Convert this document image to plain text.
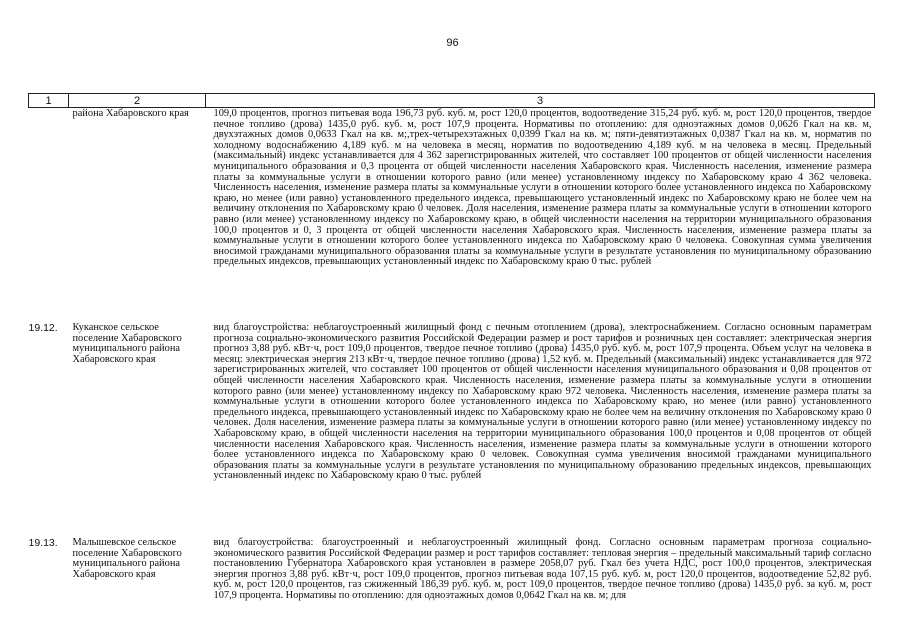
96
1	2	3
	района Хабаровского края	109,0 процентов, прогноз питьевая вода 196,73 руб. куб. м, рост 120,0 процентов, водоотведение 315,24 руб. куб. м, рост 120,0 процентов, твердое печное топливо (дрова) 1435,0 руб. куб. м, рост 107,9 процента. Нормативы по отоплению: для одноэтажных домов 0,0626 Гкал на кв. м, двухэтажных домов 0,0633 Гкал на кв. м;,трех-четырехэтажных 0,0399 Гкал на кв. м; пяти-девятиэтажных 0,0387 Гкал на кв. м, норматив по холодному водоснабжению 4,189 куб. м на человека в месяц, норматив по водоотведению 4,189 куб. м на человека в месяц. Предельный (максимальный) индекс устанавливается для 4 362 зарегистрированных жителей, что составляет 100 процентов от общей численности населения муниципального образования и 0,3 процента от общей численности населения Хабаровского края. Численность населения, изменение размера платы за коммунальные услуги в отношении которого равно (или менее) установленному индексу по Хабаровскому краю 4 362 человека. Численность населения, изменение размера платы за коммунальные услуги в отношении которого более установленного индекса по Хабаровскому краю, но менее (или равно) установленного предельного индекса, превышающего установленный индекс по Хабаровскому краю не более чем на величину отклонения по Хабаровскому краю 0 человек. Доля населения, изменение размера платы за коммунальные услуги в отношении которого равно (или менее) установленному индексу по Хабаровскому краю, в общей численности населения на территории муниципального образования 100,0 процентов и 0, 3 процента от общей численности населения Хабаровского края. Численность населения, изменение размера платы за коммунальные услуги в отношении которого более установленного индекса по Хабаровскому краю 0 человека. Совокупная сумма увеличения вносимой гражданами муниципального образования платы за коммунальные услуги в результате установления по муниципальному образованию предельных индексов, превышающих установленный индекс по Хабаровскому краю 0 тыс. рублей
19.12.	Куканское сельское поселение Хабаровского муниципального района Хабаровского края	вид благоустройства: неблагоустроенный жилищный фонд с печным отоплением (дрова), электроснабжением. Согласно основным параметрам прогноза социально-экономического развития Российской Федерации размер и рост тарифов и розничных цен составляет: электрическая энергия прогноз 3,88 руб. кВт·ч, рост 109,0 процентов, твердое печное топливо (дрова) 1435,0 руб. куб. м, рост 107,9 процента. Объем услуг на человека в месяц: электрическая энергия 213 кВт·ч, твердое печное топливо (дрова) 1,52 куб. м. Предельный (максимальный) индекс устанавливается для 972 зарегистрированных жителей, что составляет 100 процентов от общей численности населения муниципального образования и 0,08 процентов от общей численности населения Хабаровского края. Численность населения, изменение размера платы за коммунальные услуги в отношении которого равно (или менее) установленному индексу по Хабаровскому краю 972 человека. Численность населения, изменение размера платы за коммунальные услуги в отношении которого более установленного индекса по Хабаровскому краю, но менее (или равно) установленного предельного индекса, превышающего установленный индекс по Хабаровскому краю не более чем на величину отклонения по Хабаровскому краю 0 человек. Доля населения, изменение размера платы за коммунальные услуги в отношении которого равно (или менее) установленному индексу по Хабаровскому краю, в общей численности населения на территории муниципального образования 100,0 процентов и 0,08 процентов от общей численности населения Хабаровского края. Численность населения, изменение размера платы за коммунальные услуги в отношении которого более установленного индекса по Хабаровскому краю 0 человек. Совокупная сумма увеличения вносимой гражданами муниципального образования платы за коммунальные услуги в результате установления по муниципальному образованию предельных индексов, превышающих установленный индекс по Хабаровскому краю 0 тыс. рублей
19.13.	Малышевское сельское поселение Хабаровского муниципального района Хабаровского края	вид благоустройства: благоустроенный и неблагоустроенный жилищный фонд. Согласно основным параметрам прогноза социально-экономического развития Российской Федерации размер и рост тарифов составляет: тепловая энергия – предельный максимальный тариф согласно постановлению Губернатора Хабаровского края установлен в размере 2058,07 руб. Гкал без учета НДС, рост 100,0 процентов, электрическая энергия прогноз 3,88 руб. кВт·ч, рост 109,0 процентов, прогноз питьевая вода 107,15 руб. куб. м, рост 120,0 процентов, водоотведение 52,82 руб. куб. м, рост 120,0 процентов, газ сжиженный 186,39 руб. куб. м, рост 109,0 процентов, твердое печное топливо (дрова) 1435,0 руб. за куб. м, рост 107,9 процента. Нормативы по отоплению: для одноэтажных домов 0,0642 Гкал на кв. м; для
